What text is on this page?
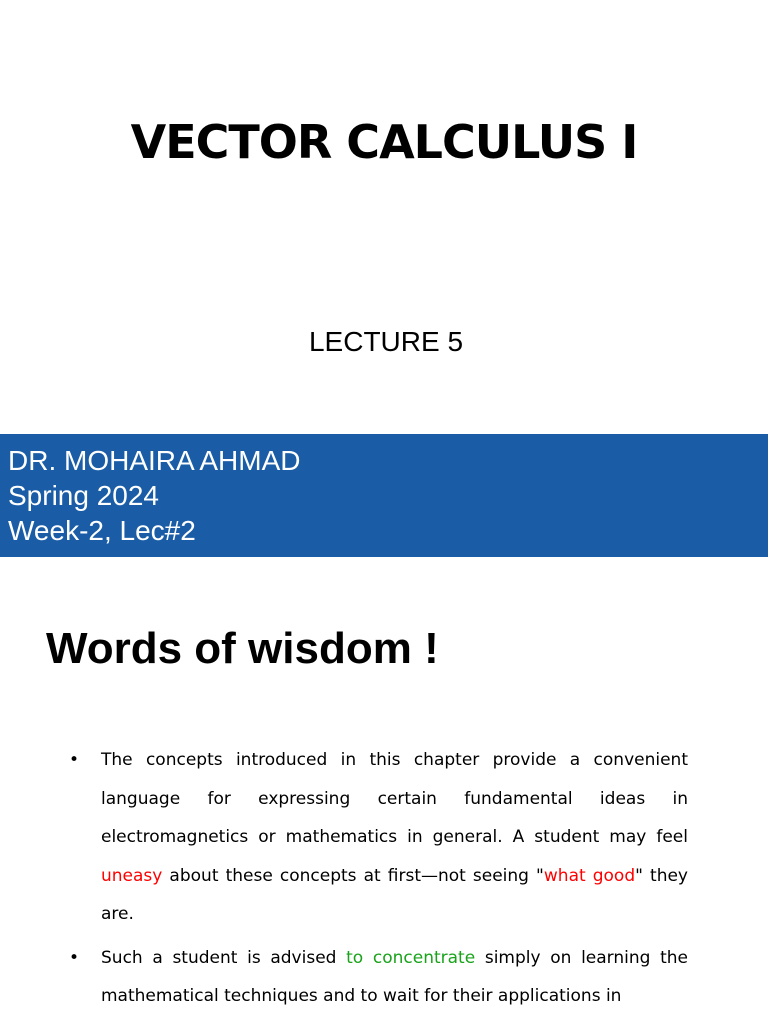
VECTOR CALCULUS I
LECTURE 5
DR. MOHAIRA AHMAD
Spring 2024
Week-2, Lec#2
Words of wisdom !
• The concepts introduced in this chapter provide a convenient language for expressing certain fundamental ideas in electromagnetics or mathematics in general. A student may feel uneasy about these concepts at first—not seeing "what good" they are.
• Such a student is advised to concentrate simply on learning the mathematical techniques and to wait for their applications in
